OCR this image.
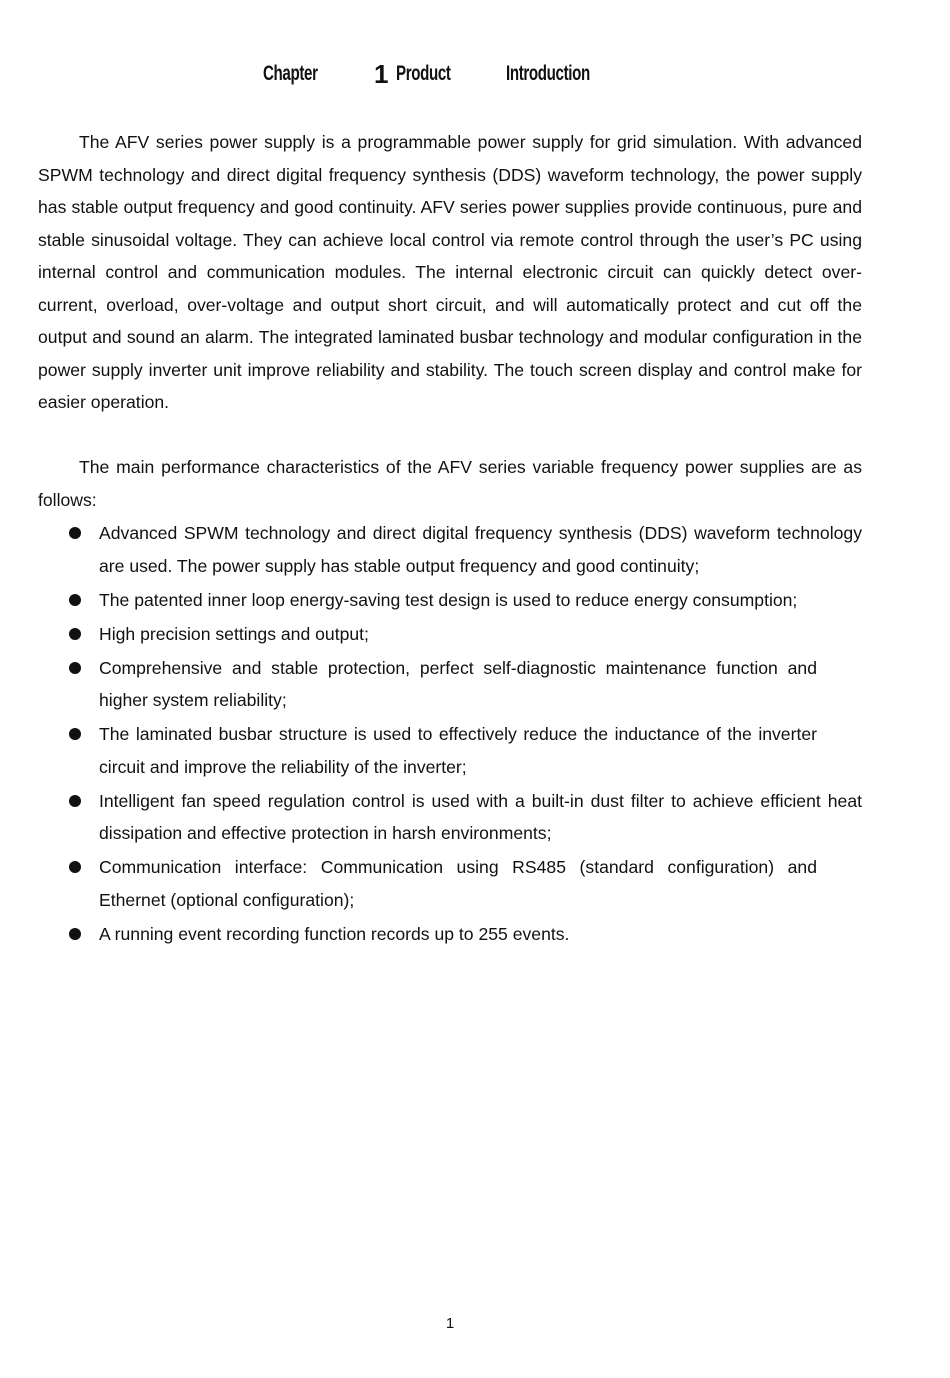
Chapter 1 Product	Introduction

The AFV series power supply is a programmable power supply for grid simulation. With advanced SPWM technology and direct digital frequency synthesis (DDS) waveform technology, the power supply has stable output frequency and good continuity. AFV series power supplies provide continuous, pure and stable sinusoidal voltage. They can achieve local control via remote control through the user’s PC using internal control and communication modules. The internal electronic circuit can quickly detect over- current, overload, over-voltage and output short circuit, and will automatically protect and cut off the output and sound an alarm. The integrated laminated busbar technology and modular configuration in the power supply inverter unit improve reliability and stability. The touch screen display and control make for easier operation.

The main performance characteristics of the AFV series variable frequency power supplies are as follows:

Advanced SPWM technology and direct digital frequency synthesis (DDS) waveform technology are used. The power supply has stable output frequency and good continuity;
The patented inner loop energy-saving test design is used to reduce energy consumption;
High precision settings and output;
Comprehensive and stable protection, perfect self-diagnostic maintenance function and higher system reliability;
The laminated busbar structure is used to effectively reduce the inductance of the inverter circuit and improve the reliability of the inverter;
Intelligent fan speed regulation control is used with a built-in dust filter to achieve efficient heat dissipation and effective protection in harsh environments;
Communication interface: Communication using RS485 (standard configuration) and Ethernet (optional configuration);
A running event recording function records up to 255 events.
1
